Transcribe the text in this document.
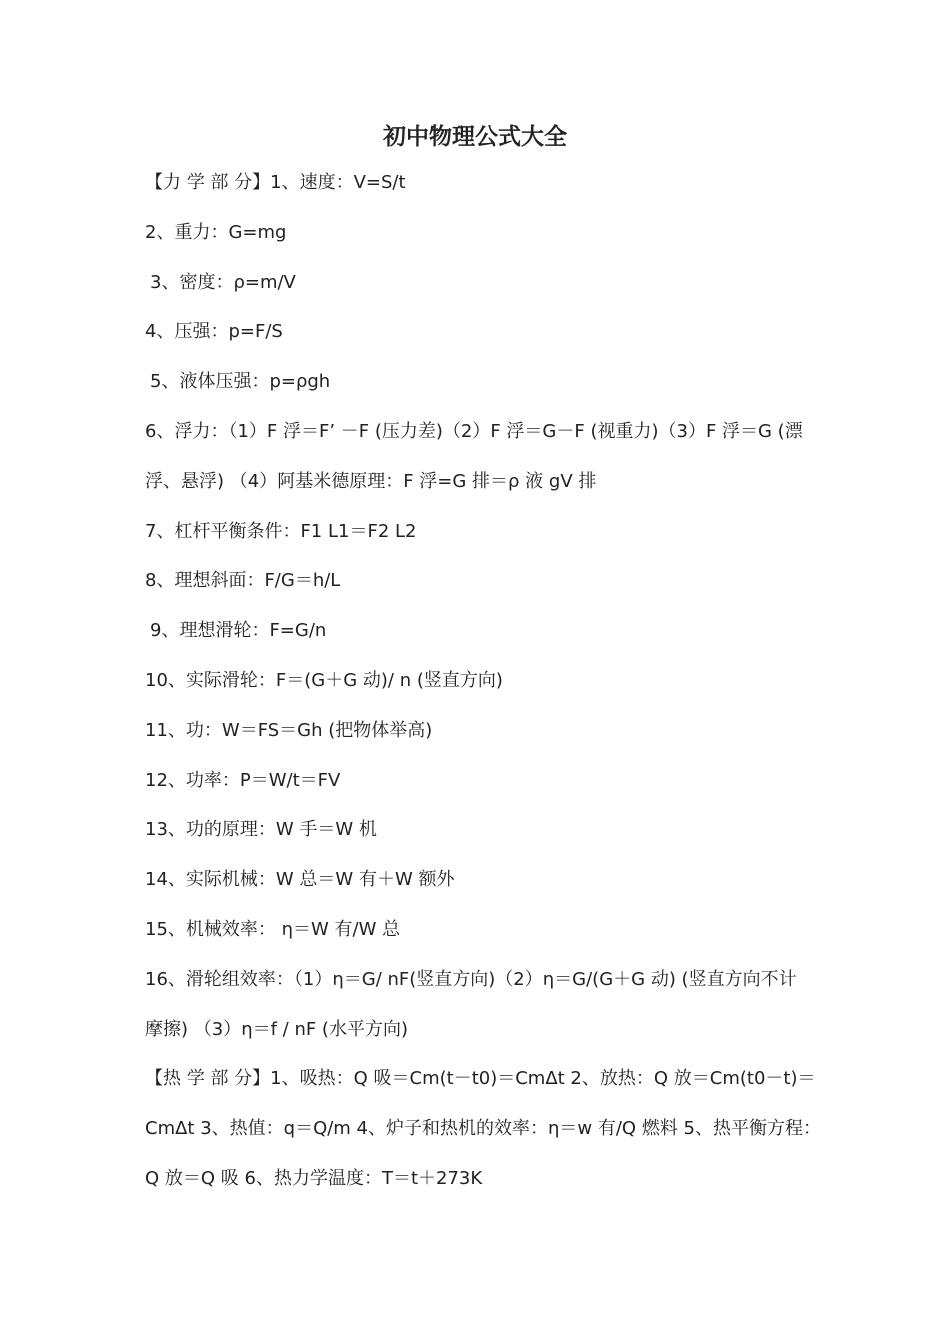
初中物理公式大全
【力 学 部 分】1、速度：V=S/t
2、重力：G=mg
3、密度：ρ=m/V
4、压强：p=F/S
5、液体压强：p=ρgh
6、浮力：（1）F 浮＝F’ －F (压力差)（2）F 浮＝G－F (视重力)（3）F 浮＝G (漂
浮、悬浮) （4）阿基米德原理：F 浮=G 排＝ρ 液 gV 排
7、杠杆平衡条件：F1 L1＝F2 L2
8、理想斜面：F/G＝h/L
9、理想滑轮：F=G/n
10、实际滑轮：F＝(G＋G 动)/ n (竖直方向)
11、功：W＝FS＝Gh (把物体举高)
12、功率：P＝W/t＝FV
13、功的原理：W 手＝W 机
14、实际机械：W 总＝W 有＋W 额外
15、机械效率： η＝W 有/W 总
16、滑轮组效率：（1）η＝G/ nF(竖直方向)（2）η＝G/(G＋G 动) (竖直方向不计
摩擦) （3）η＝f / nF (水平方向)
【热 学 部 分】1、吸热：Q 吸＝Cm(t－t0)＝CmΔt 2、放热：Q 放＝Cm(t0－t)＝
CmΔt 3、热值：q＝Q/m 4、炉子和热机的效率：η＝w 有/Q 燃料 5、热平衡方程：
Q 放＝Q 吸 6、热力学温度：T＝t＋273K
